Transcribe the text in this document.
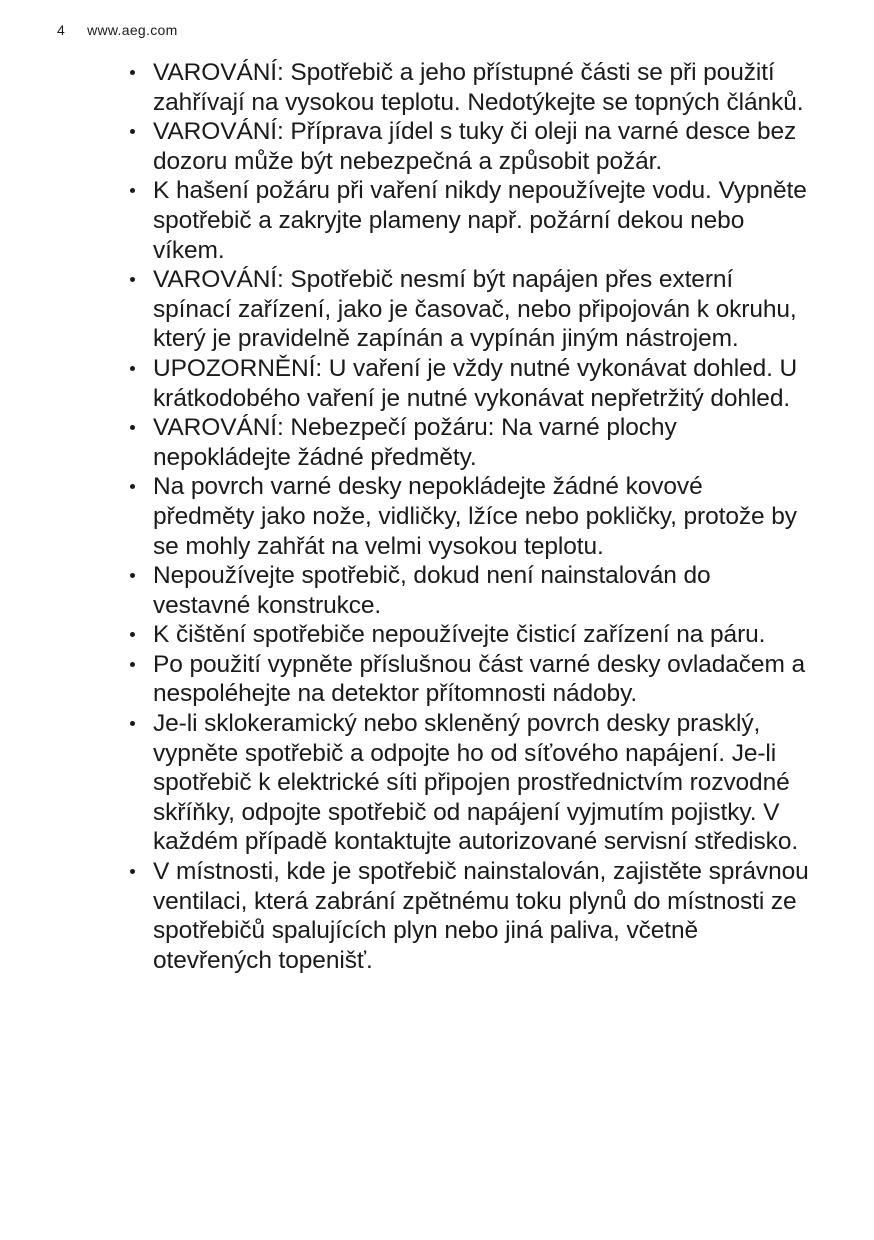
4 www.aeg.com
VAROVÁNÍ: Spotřebič a jeho přístupné části se při použití zahřívají na vysokou teplotu. Nedotýkejte se topných článků.
VAROVÁNÍ: Příprava jídel s tuky či oleji na varné desce bez dozoru může být nebezpečná a způsobit požár.
K hašení požáru při vaření nikdy nepoužívejte vodu. Vypněte spotřebič a zakryjte plameny např. požární dekou nebo víkem.
VAROVÁNÍ: Spotřebič nesmí být napájen přes externí spínací zařízení, jako je časovač, nebo připojován k okruhu, který je pravidelně zapínán a vypínán jiným nástrojem.
UPOZORNĚNÍ: U vaření je vždy nutné vykonávat dohled. U krátkodobého vaření je nutné vykonávat nepřetržitý dohled.
VAROVÁNÍ: Nebezpečí požáru: Na varné plochy nepokládejte žádné předměty.
Na povrch varné desky nepokládejte žádné kovové předměty jako nože, vidličky, lžíce nebo pokličky, protože by se mohly zahřát na velmi vysokou teplotu.
Nepoužívejte spotřebič, dokud není nainstalován do vestavné konstrukce.
K čištění spotřebiče nepoužívejte čisticí zařízení na páru.
Po použití vypněte příslušnou část varné desky ovladačem a nespoléhejte na detektor přítomnosti nádoby.
Je-li sklokeramický nebo skleněný povrch desky prasklý, vypněte spotřebič a odpojte ho od síťového napájení. Je-li spotřebič k elektrické síti připojen prostřednictvím rozvodné skříňky, odpojte spotřebič od napájení vyjmutím pojistky. V každém případě kontaktujte autorizované servisní středisko.
V místnosti, kde je spotřebič nainstalován, zajistěte správnou ventilaci, která zabrání zpětnému toku plynů do místnosti ze spotřebičů spalujících plyn nebo jiná paliva, včetně otevřených topenišť.
